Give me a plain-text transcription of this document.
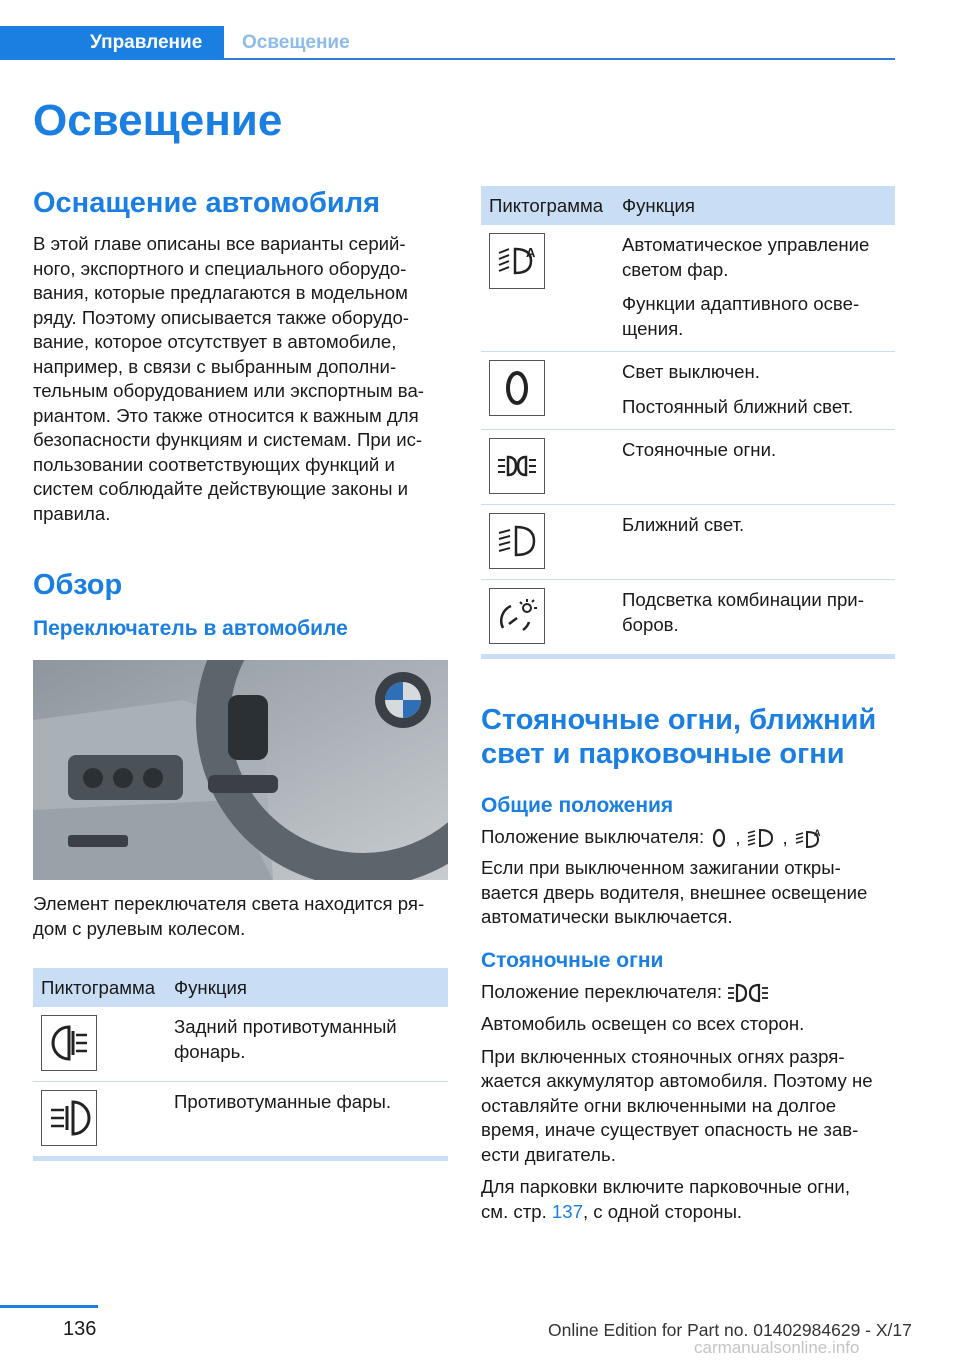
Управление	Освещение
Освещение
Оснащение автомобиля
В этой главе описаны все варианты серий-
ного, экспортного и специального оборудо-
вания, которые предлагаются в модельном
ряду. Поэтому описывается также оборудо-
вание, которое отсутствует в автомобиле,
например, в связи с выбранным дополни-
тельным оборудованием или экспортным ва-
риантом. Это также относится к важным для
безопасности функциям и системам. При ис-
пользовании соответствующих функций и
систем соблюдайте действующие законы и
правила.
Обзор
Переключатель в автомобиле
Элемент переключателя света находится ря-
дом с рулевым колесом.
Пиктограмма	Функция

Задний противотуманный
фонарь.

Противотуманные фары.
Пиктограмма	Функция

A	Автоматическое управление
светом фар.
Функции адаптивного осве-
щения.

Свет выключен.
Постоянный ближний свет.

Стояночные огни.

Ближний свет.

Подсветка комбинации при-
боров.
Стояночные огни, ближний
свет и парковочные огни
Общие положения
Положение выключателя: , ,	A
Если при выключенном зажигании откры-
вается дверь водителя, внешнее освещение
автоматически выключается.
Стояночные огни
Положение переключателя:
Автомобиль освещен со всех сторон.
При включенных стояночных огнях разря-
жается аккумулятор автомобиля. Поэтому не
оставляйте огни включенными на долгое
время, иначе существует опасность не зав-
ести двигатель.
Для парковки включите парковочные огни,
см. стр. 137, с одной стороны.
136	Online Edition for Part no. 01402984629 - X/17
carmanualsonline.info
